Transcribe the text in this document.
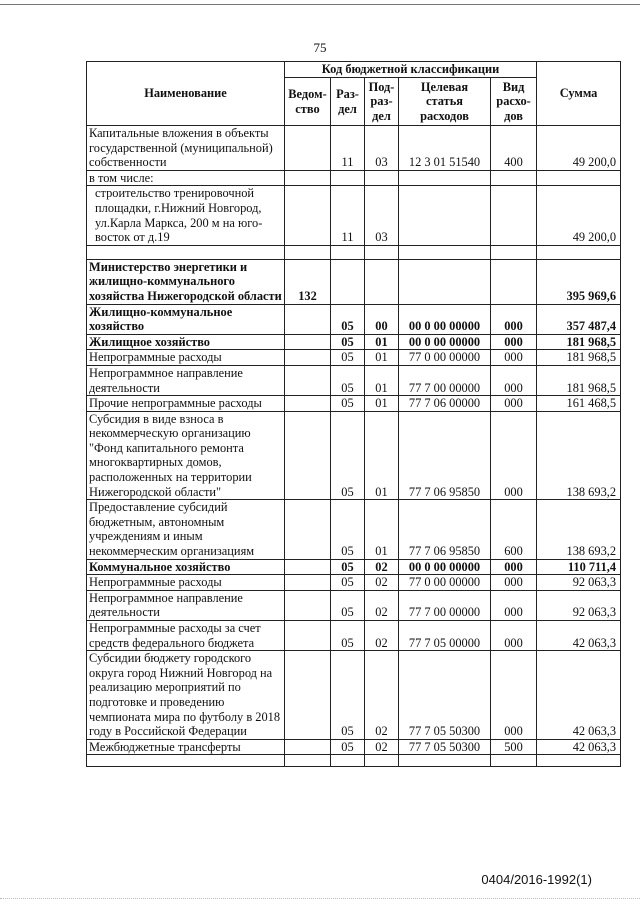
75
Наименование	Код бюджетной классификации					Сумма
	Ведом-ство	Раз-дел	Под-раз-дел	Целевая статья расходов	Вид расхо-дов	
Капитальные вложения в объекты государственной (муниципальной) собственности		11	03	12 3 01 51540	400	49 200,0
в том числе:						
строительство тренировочной площадки, г.Нижний Новгород, ул.Карла Маркса, 200 м на юго-восток от д.19		11	03			49 200,0

Министерство энергетики и жилищно-коммунального хозяйства Нижегородской области	132					395 969,6
Жилищно-коммунальное хозяйство		05	00	00 0 00 00000	000	357 487,4
Жилищное хозяйство		05	01	00 0 00 00000	000	181 968,5
Непрограммные расходы		05	01	77 0 00 00000	000	181 968,5
Непрограммное направление деятельности		05	01	77 7 00 00000	000	181 968,5
Прочие непрограммные расходы		05	01	77 7 06 00000	000	161 468,5
Субсидия в виде взноса в некоммерческую организацию "Фонд капитального ремонта многоквартирных домов, расположенных на территории Нижегородской области"		05	01	77 7 06 95850	000	138 693,2
Предоставление субсидий бюджетным, автономным учреждениям и иным некоммерческим организациям		05	01	77 7 06 95850	600	138 693,2
Коммунальное хозяйство		05	02	00 0 00 00000	000	110 711,4
Непрограммные расходы		05	02	77 0 00 00000	000	92 063,3
Непрограммное направление деятельности		05	02	77 7 00 00000	000	92 063,3
Непрограммные расходы за счет средств федерального бюджета		05	02	77 7 05 00000	000	42 063,3
Субсидии бюджету городского округа город Нижний Новгород на реализацию мероприятий по подготовке и проведению чемпионата мира по футболу в 2018 году в Российской Федерации		05	02	77 7 05 50300	000	42 063,3
Межбюджетные трансферты		05	02	77 7 05 50300	500	42 063,3

0404/2016-1992(1)
